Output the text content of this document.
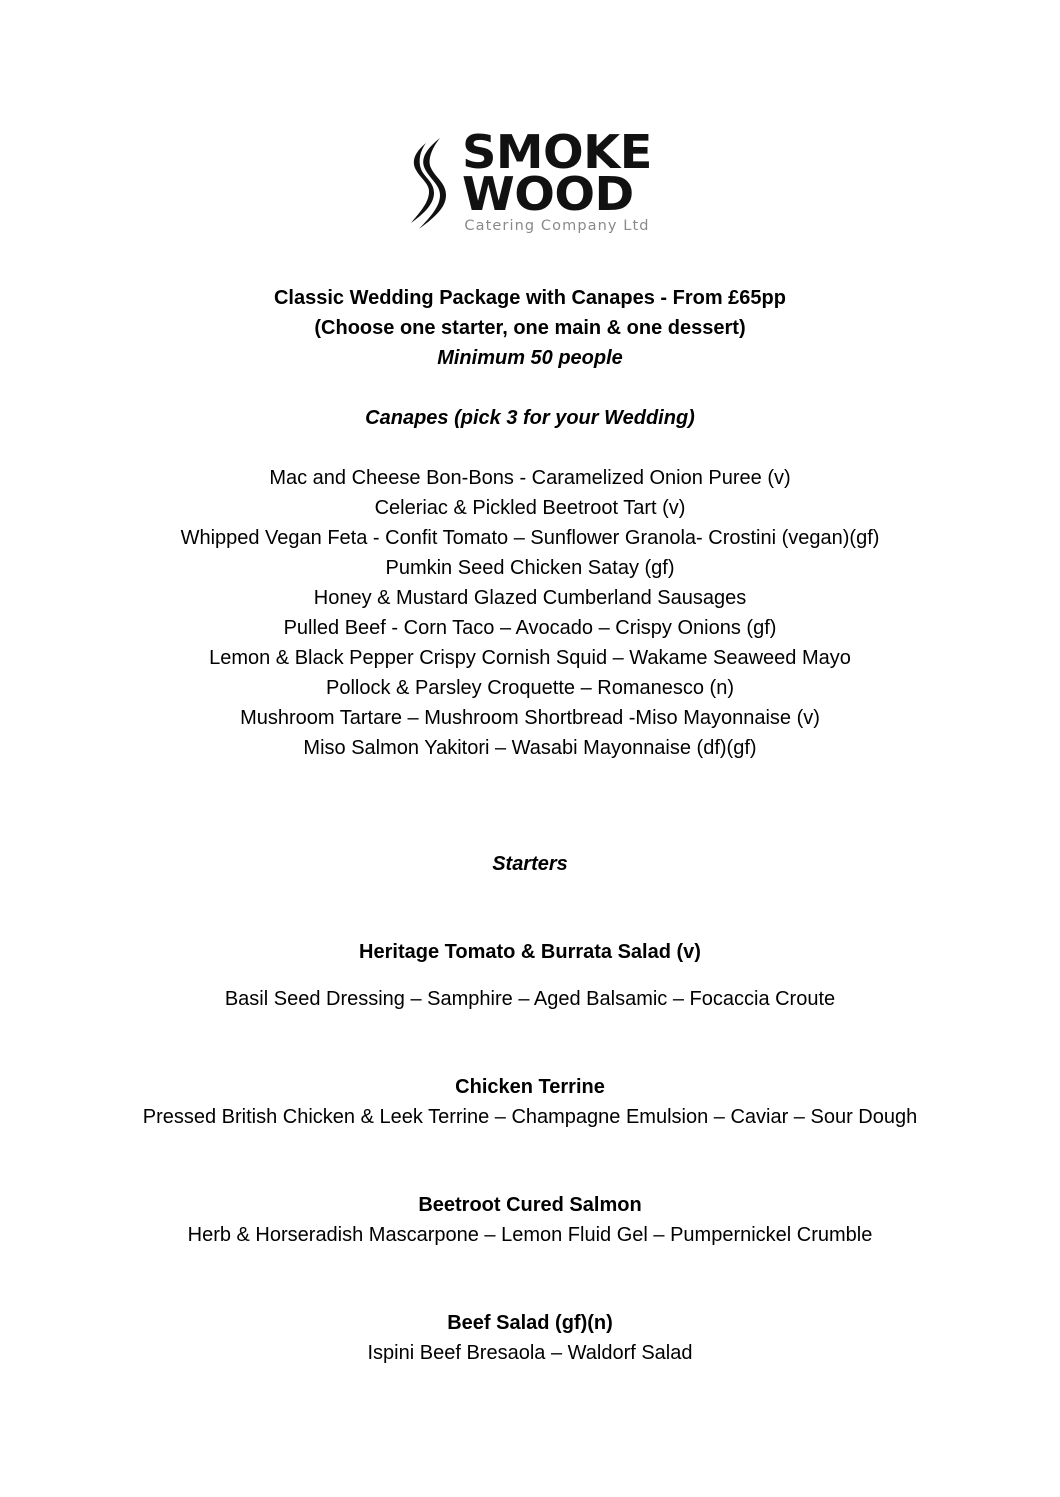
SMOKE
WOOD
Catering Company Ltd
Classic Wedding Package with Canapes - From £65pp
(Choose one starter, one main & one dessert)
Minimum 50 people
Canapes (pick 3 for your Wedding)
Mac and Cheese Bon-Bons - Caramelized Onion Puree (v)
Celeriac & Pickled Beetroot Tart (v)
Whipped Vegan Feta - Confit Tomato – Sunflower Granola- Crostini (vegan)(gf)
Pumkin Seed Chicken Satay (gf)
Honey & Mustard Glazed Cumberland Sausages
Pulled Beef - Corn Taco – Avocado – Crispy Onions (gf)
Lemon & Black Pepper Crispy Cornish Squid – Wakame Seaweed Mayo
Pollock & Parsley Croquette – Romanesco (n)
Mushroom Tartare – Mushroom Shortbread -Miso Mayonnaise (v)
Miso Salmon Yakitori – Wasabi Mayonnaise (df)(gf)
Starters
Heritage Tomato & Burrata Salad (v)
Basil Seed Dressing – Samphire – Aged Balsamic – Focaccia Croute
Chicken Terrine
Pressed British Chicken & Leek Terrine – Champagne Emulsion – Caviar – Sour Dough
Beetroot Cured Salmon
Herb & Horseradish Mascarpone – Lemon Fluid Gel – Pumpernickel Crumble
Beef Salad (gf)(n)
Ispini Beef Bresaola – Waldorf Salad
